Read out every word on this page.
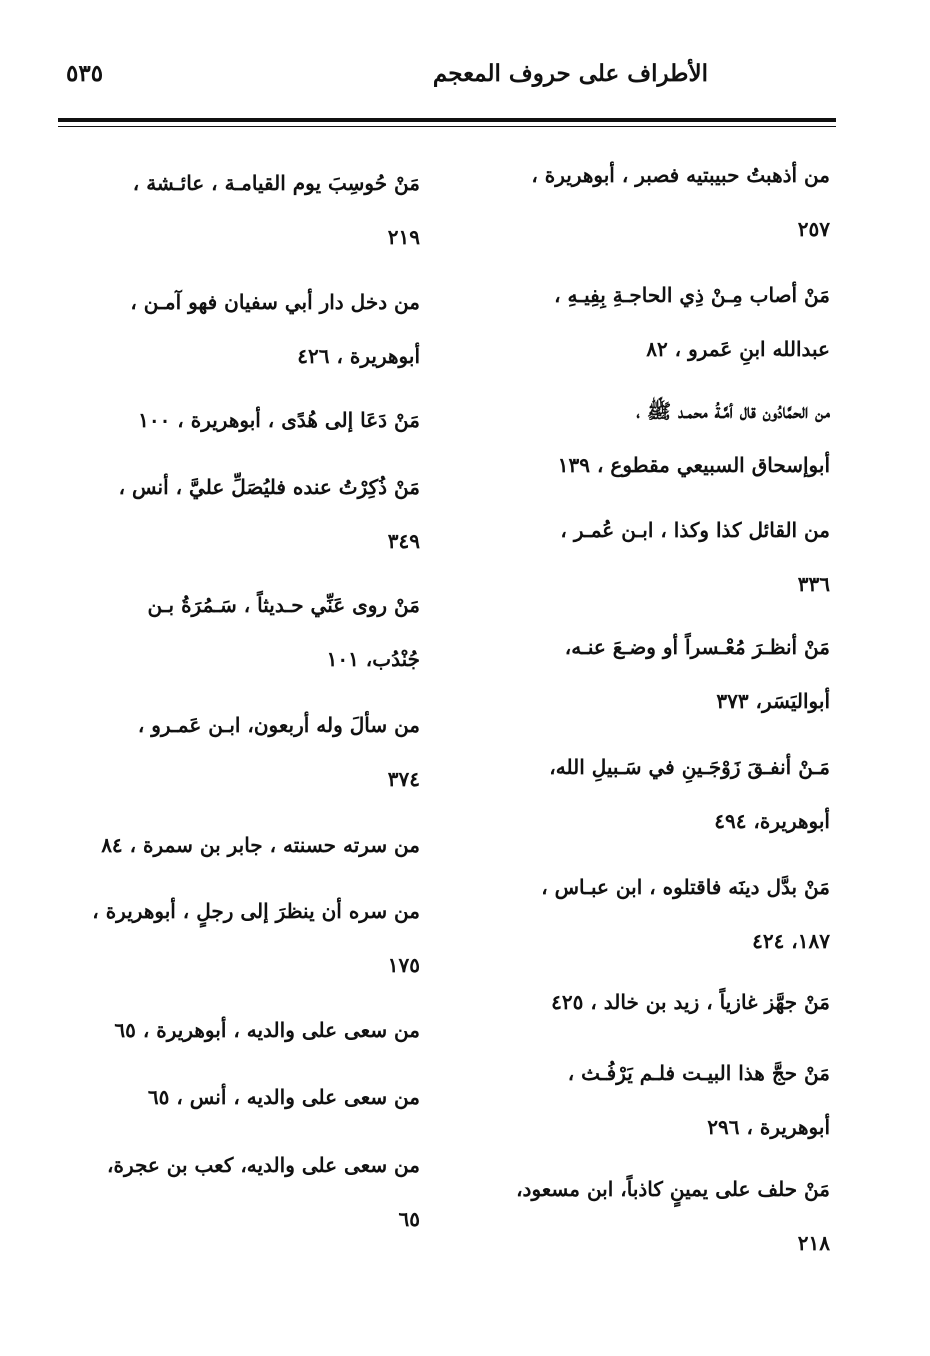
الأطراف على حروف المعجم
٥٣٥
من أذهبتُ حبيبتيه فصبر ، أبوهريرة ،
٢٥٧
مَنْ أصاب مِـنْ ذِي الحاجـةِ بِفِيـهِ ،
عبدالله ابنِ عَمرو ، ٨٢
من الحمَّادُون قال أمَّـةُ محمـد ﷺ ،
أبوإسحاق السبيعي مقطوع ، ١٣٩
من القائل كذا وكذا ، ابـن عُمـر ،
٣٣٦
مَنْ أنظـرَ مُعْـسراً أو وضـعَ عنـه،
أبواليَسَر، ٣٧٣
مَـنْ أنفـقَ زَوْجَـينِ في سَـبيلِ الله،
أبوهريرة، ٤٩٤
مَنْ بدَّل دينَه فاقتلوه ، ابن عبـاس ،
١٨٧، ٤٢٤
مَنْ جهَّز غازياً ، زيد بن خالد ، ٤٢٥
مَنْ حجَّ هذا البيـت فلـم يَرْفُـث ،
أبوهريرة ، ٢٩٦
مَنْ حلف على يمينٍ كاذباً، ابن مسعود،
٢١٨
مَنْ حُوسِبَ يوم القيامـة ، عائـشة ،
٢١٩
من دخل دار أبي سفيان فهو آمـن ،
أبوهريرة ، ٤٢٦
مَنْ دَعَا إلى هُدًى ، أبوهريرة ، ١٠٠
مَنْ ذُكِرْتُ عنده فليُصَلِّ عليَّ ، أنس ،
٣٤٩
مَنْ روى عَنِّي حـديثاً ، سَـمُرَةُ بـن
جُنْدُب، ١٠١
من سألَ وله أربعون، ابـن عَمـرو ،
٣٧٤
من سرته حسنته ، جابر بن سمرة ، ٨٤
من سره أن ينظرَ إلى رجلٍ ، أبوهريرة ،
١٧٥
من سعى على والديه ، أبوهريرة ، ٦٥
من سعى على والديه ، أنس ، ٦٥
من سعى على والديه، كعب بن عجرة،
٦٥
